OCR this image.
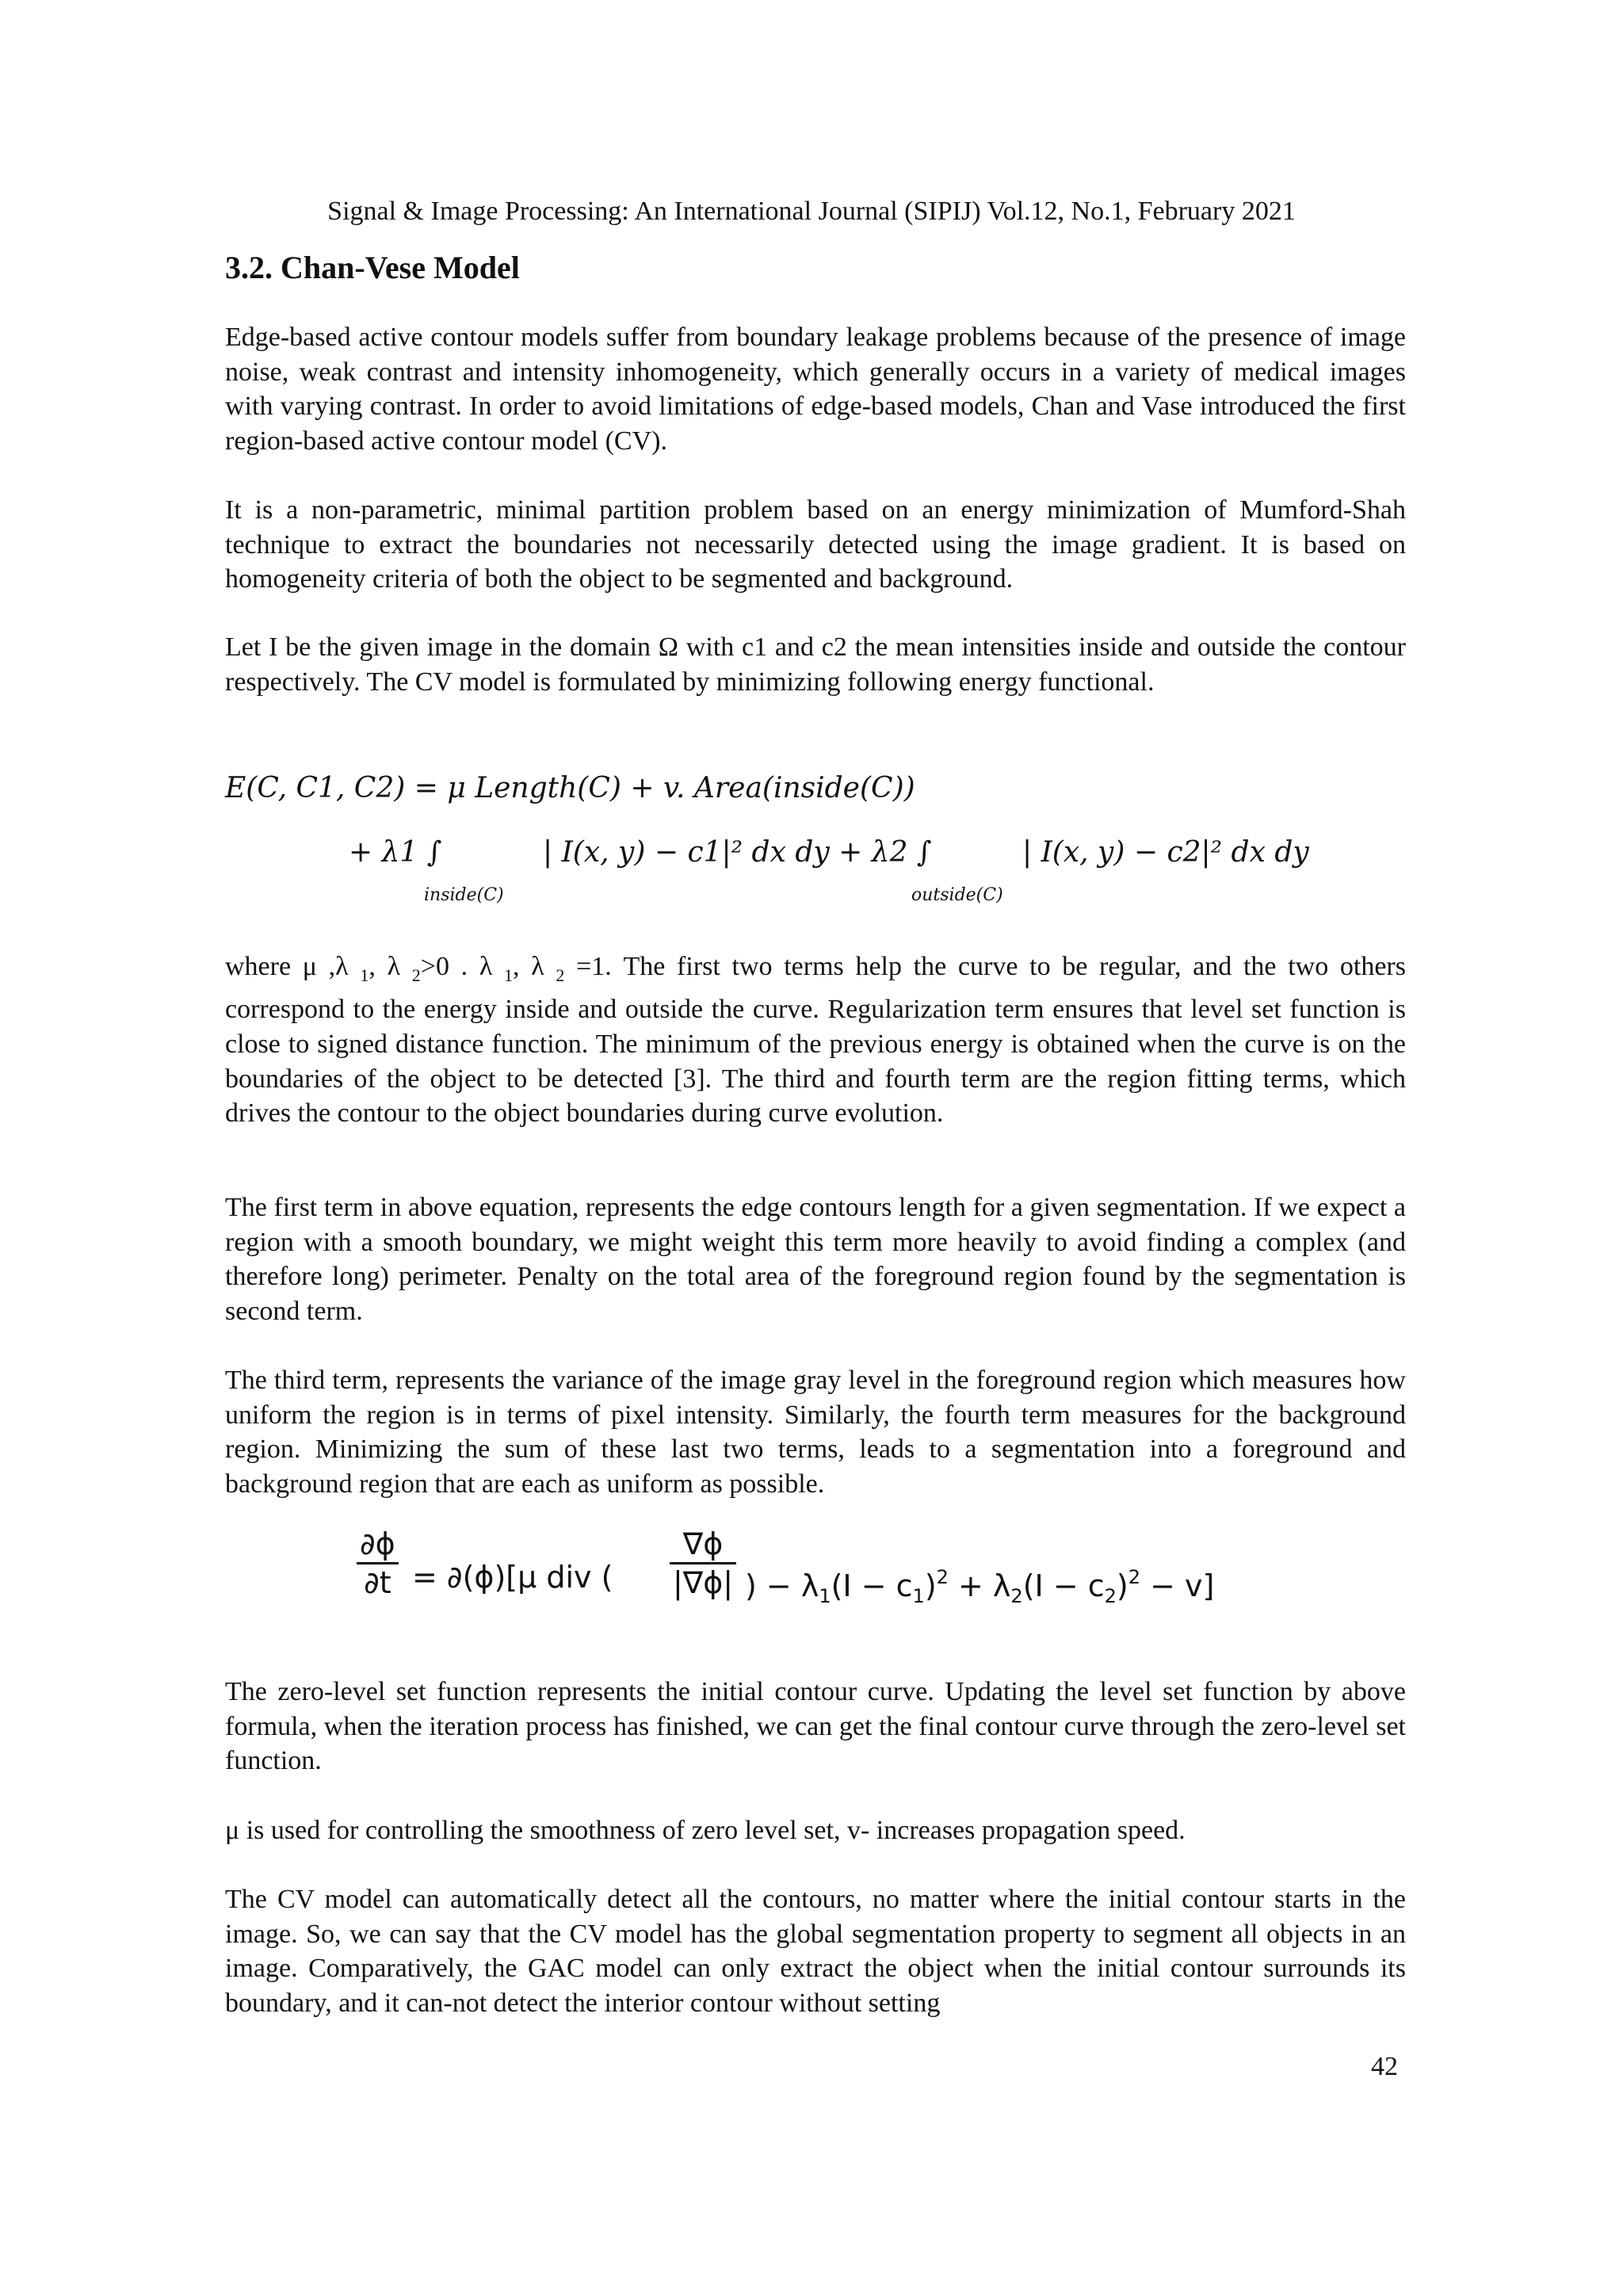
Signal & Image Processing: An International Journal (SIPIJ) Vol.12, No.1, February 2021
3.2. Chan-Vese Model

Edge-based active contour models suffer from boundary leakage problems because of the presence of image noise, weak contrast and intensity inhomogeneity, which generally occurs in a variety of medical images with varying contrast. In order to avoid limitations of edge-based models, Chan and Vase introduced the first region-based active contour model (CV).

It is a non-parametric, minimal partition problem based on an energy minimization of Mumford-Shah technique to extract the boundaries not necessarily detected using the image gradient. It is based on homogeneity criteria of both the object to be segmented and background.

Let I be the given image in the domain Ω with c1 and c2 the mean intensities inside and outside the contour respectively. The CV model is formulated by minimizing following energy functional.

E(C, C1, C2) = μ Length(C) + v. Area(inside(C))
+ λ1 ∫
inside(C)
| I(x, y) − c1|² dx dy + λ2 ∫
outside(C)
| I(x, y) − c2|² dx dy

where μ ,λ $_1$, λ $_2$>0 . λ $_1$, λ $_2$ =1. The first two terms help the curve to be regular, and the two others correspond to the energy inside and outside the curve. Regularization term ensures that level set function is close to signed distance function. The minimum of the previous energy is obtained when the curve is on the boundaries of the object to be detected [3]. The third and fourth term are the region fitting terms, which drives the contour to the object boundaries during curve evolution.

The first term in above equation, represents the edge contours length for a given segmentation. If we expect a region with a smooth boundary, we might weight this term more heavily to avoid finding a complex (and therefore long) perimeter. Penalty on the total area of the foreground region found by the segmentation is second term.

The third term, represents the variance of the image gray level in the foreground region which measures how uniform the region is in terms of pixel intensity. Similarly, the fourth term measures for the background region. Minimizing the sum of these last two terms, leads to a segmentation into a foreground and background region that are each as uniform as possible.

∂ϕ
∂t = ∂(ϕ)[μ div (
∇ϕ
|∇ϕ| ) − $\lambda_1(I - c_1)^2 + \lambda_2(I - c_2)^2 - v$]

The zero-level set function represents the initial contour curve. Updating the level set function by above formula, when the iteration process has finished, we can get the final contour curve through the zero-level set function.

μ is used for controlling the smoothness of zero level set, v- increases propagation speed.

The CV model can automatically detect all the contours, no matter where the initial contour starts in the image. So, we can say that the CV model has the global segmentation property to segment all objects in an image. Comparatively, the GAC model can only extract the object when the initial contour surrounds its boundary, and it can-not detect the interior contour without setting

42
